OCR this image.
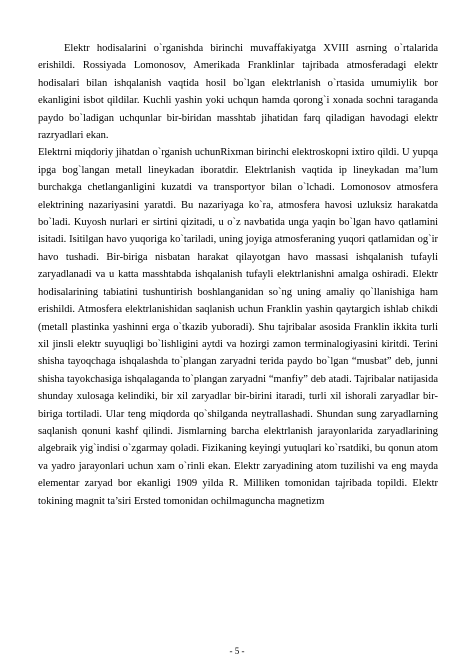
Elektr hodisalarini o`rganishda birinchi muvaffakiyatga XVIII asrning o`rtalarida erishildi. Rossiyada Lomonosov, Amerikada Franklinlar tajribada atmosferadagi elektr hodisalari bilan ishqalanish vaqtida hosil bo`lgan elektrlanish o`rtasida umumiylik bor ekanligini isbot qildilar. Kuchli yashin yoki uchqun hamda qorong`i xonada sochni taraganda paydo bo`ladigan uchqunlar bir-biridan masshtab jihatidan farq qiladigan havodagi elektr razryadlari ekan.

Elektrni miqdoriy jihatdan o`rganish uchunRixman birinchi elektroskopni ixtiro qildi. U yupqa ipga bog`langan metall lineykadan iboratdir. Elektrlanish vaqtida ip lineykadan ma’lum burchakga chetlanganligini kuzatdi va transportyor bilan o`lchadi. Lomonosov atmosfera elektrining nazariyasini yaratdi. Bu nazariyaga ko`ra, atmosfera havosi uzluksiz harakatda bo`ladi. Kuyosh nurlari er sirtini qizitadi, u o`z navbatida unga yaqin bo`lgan havo qatlamini isitadi. Isitilgan havo yuqoriga ko`tariladi, uning joyiga atmosferaning yuqori qatlamidan og`ir havo tushadi. Bir-biriga nisbatan harakat qilayotgan havo massasi ishqalanish tufayli zaryadlanadi va u katta masshtabda ishqalanish tufayli elektrlanishni amalga oshiradi. Elektr hodisalarining tabiatini tushuntirish boshlanganidan so`ng uning amaliy qo`llanishiga ham erishildi. Atmosfera elektrlanishidan saqlanish uchun Franklin yashin qaytargich ishlab chikdi (metall plastinka yashinni erga o`tkazib yuboradi). Shu tajribalar asosida Franklin ikkita turli xil jinsli elektr suyuqligi bo`lishligini aytdi va hozirgi zamon terminalogiyasini kiritdi. Terini shisha tayoqchaga ishqalashda to`plangan zaryadni terida paydo bo`lgan “musbat” deb, junni shisha tayokchasiga ishqalaganda to`plangan zaryadni “manfiy” deb atadi. Tajribalar natijasida shunday xulosaga kelindiki, bir xil zaryadlar bir-birini itaradi, turli xil ishorali zaryadlar bir-biriga tortiladi. Ular teng miqdorda qo`shilganda neytrallashadi. Shundan sung zaryadlarning saqlanish qonuni kashf qilindi. Jismlarning barcha elektrlanish jarayonlarida zaryadlarining algebraik yig`indisi o`zgarmay qoladi. Fizikaning keyingi yutuqlari ko`rsatdiki, bu qonun atom va yadro jarayonlari uchun xam o`rinli ekan. Elektr zaryadining atom tuzilishi va eng mayda elementar zaryad bor ekanligi 1909 yilda R. Milliken tomonidan tajribada topildi. Elektr tokining magnit ta’siri Ersted tomonidan ochilmaguncha magnetizm

- 5 -
